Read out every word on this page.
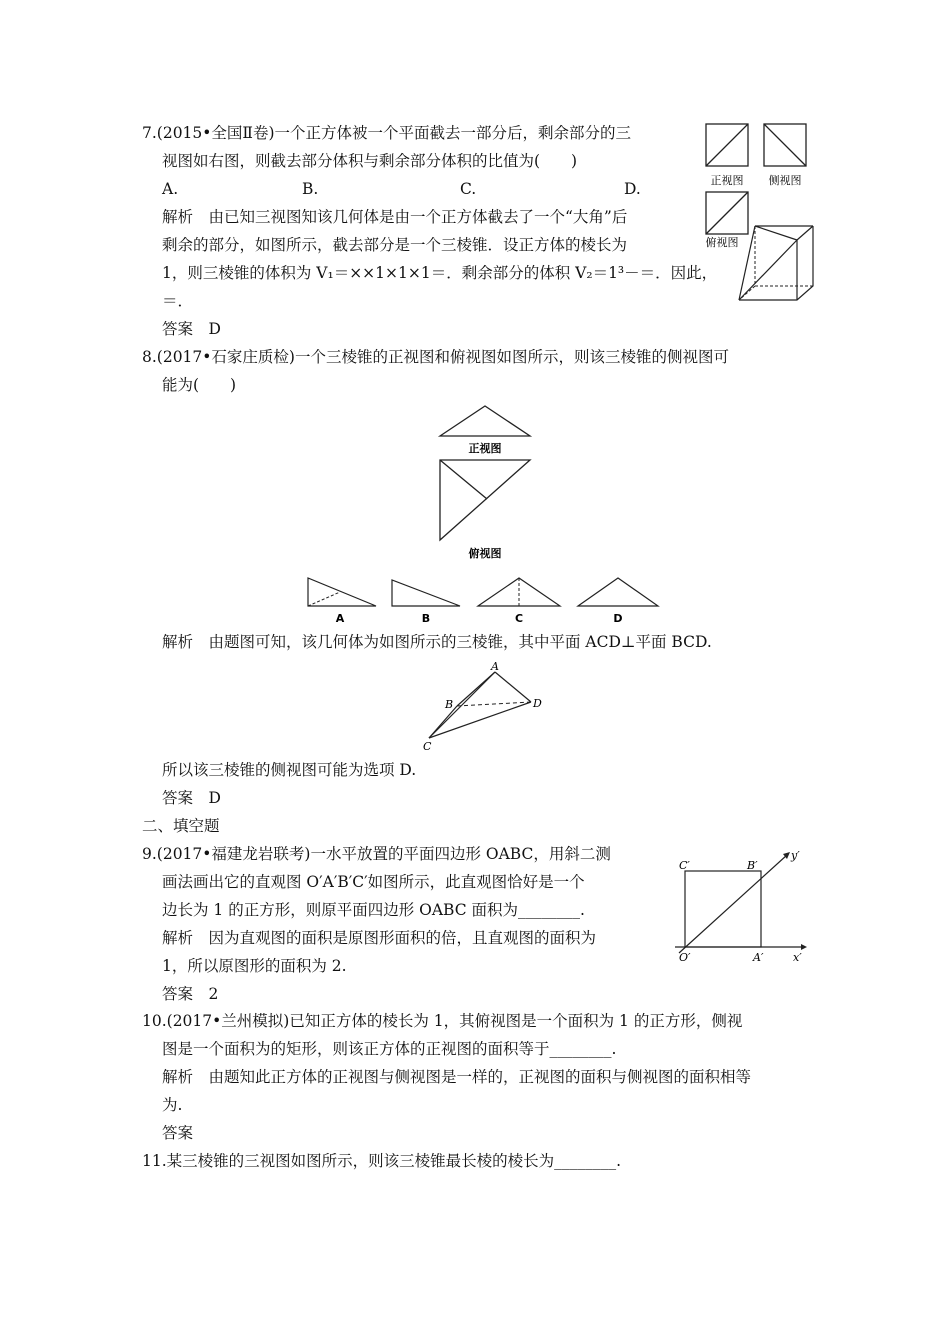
7.(2015•全国Ⅱ卷)一个正方体被一个平面截去一部分后，剩余部分的三
视图如右图，则截去部分体积与剩余部分体积的比值为(　　)
A.	B.	C.	D.
解析　由已知三视图知该几何体是由一个正方体截去了一个“大角”后
剩余的部分，如图所示，截去部分是一个三棱锥．设正方体的棱长为
1，则三棱锥的体积为 V₁＝××1×1×1＝．剩余部分的体积 V₂＝1³－＝．因此，
＝．
答案　D
正视图 侧视图
俯视图
8.(2017•石家庄质检)一个三棱锥的正视图和俯视图如图所示，则该三棱锥的侧视图可
能为(　　)
正视图
俯视图
A	B	C	D
解析　由题图可知，该几何体为如图所示的三棱锥，其中平面 ACD⊥平面 BCD.
A
B
C
D
所以该三棱锥的侧视图可能为选项 D.
答案　D
二、填空题
9.(2017•福建龙岩联考)一水平放置的平面四边形 OABC，用斜二测
画法画出它的直观图 O′A′B′C′如图所示，此直观图恰好是一个
边长为 1 的正方形，则原平面四边形 OABC 面积为________.
解析　因为直观图的面积是原图形面积的倍，且直观图的面积为
1，所以原图形的面积为 2.
答案　2
C′	B′
y′
O′	A′	x′
10.(2017•兰州模拟)已知正方体的棱长为 1，其俯视图是一个面积为 1 的正方形，侧视
图是一个面积为的矩形，则该正方体的正视图的面积等于________.
解析　由题知此正方体的正视图与侧视图是一样的，正视图的面积与侧视图的面积相等
为.
答案
11.某三棱锥的三视图如图所示，则该三棱锥最长棱的棱长为________.
